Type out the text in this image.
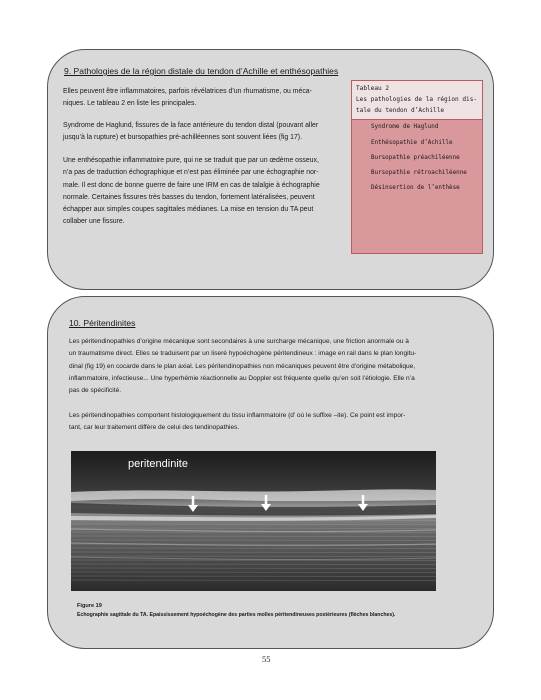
9. Pathologies de la région distale du tendon d’Achille et enthésopathies
Elles peuvent être inflammatoires, parfois révélatrices d’un rhumatisme, ou méca-
niques. Le tableau 2 en liste les principales.
Syndrome de Haglund, fissures de la face antérieure du tendon distal (pouvant aller
jusqu’à la rupture) et bursopathies pré-achilléennes sont souvent liées (fig 17).
Une enthésopathie inflammatoire pure, qui ne se traduit que par un œdème osseux,
n’a pas de traduction échographique et n’est pas éliminée par une échographie nor-
male. Il est donc de bonne guerre de faire une IRM en cas de talalgie à échographie
normale. Certaines fissures très basses du tendon, fortement latéralisées, peuvent
échapper aux simples coupes sagittales médianes. La mise en tension du TA peut
collaber une fissure.
Tableau 2
Les pathologies de la région dis-
tale du tendon d’Achille
Syndrome de Haglund
Enthésopathie d’Achille
Bursopathie préachiléenne
Bursopathie rétroachiléenne
Désinsertion de l’enthèse
10. Péritendinites
Les péritendinopathies d’origine mécanique sont secondaires à une surcharge mécanique, une friction anormale ou à
un traumatisme direct. Elles se traduisent par un liseré hypoéchogène péritendineux : image en rail dans le plan longitu-
dinal (fig 19) en cocarde dans le plan axial. Les péritendinopathies non mécaniques peuvent être d’origine métabolique,
inflammatoire, infectieuse... Une hyperhémie réactionnelle au Doppler est fréquente quelle qu’en soit l’étiologie. Elle n’a
pas de spécificité.
Les péritendinopathies comportent histologiquement du tissu inflammatoire (d’ où le suffixe –ite). Ce point est impor-
tant, car leur traitement diffère de celui des tendinopathies.
peritendinite
Figure 19
Echographie sagittale du TA. Epaississement hypoéchogène des parties molles péritendineuses postérieures (flèches blanches).
55
